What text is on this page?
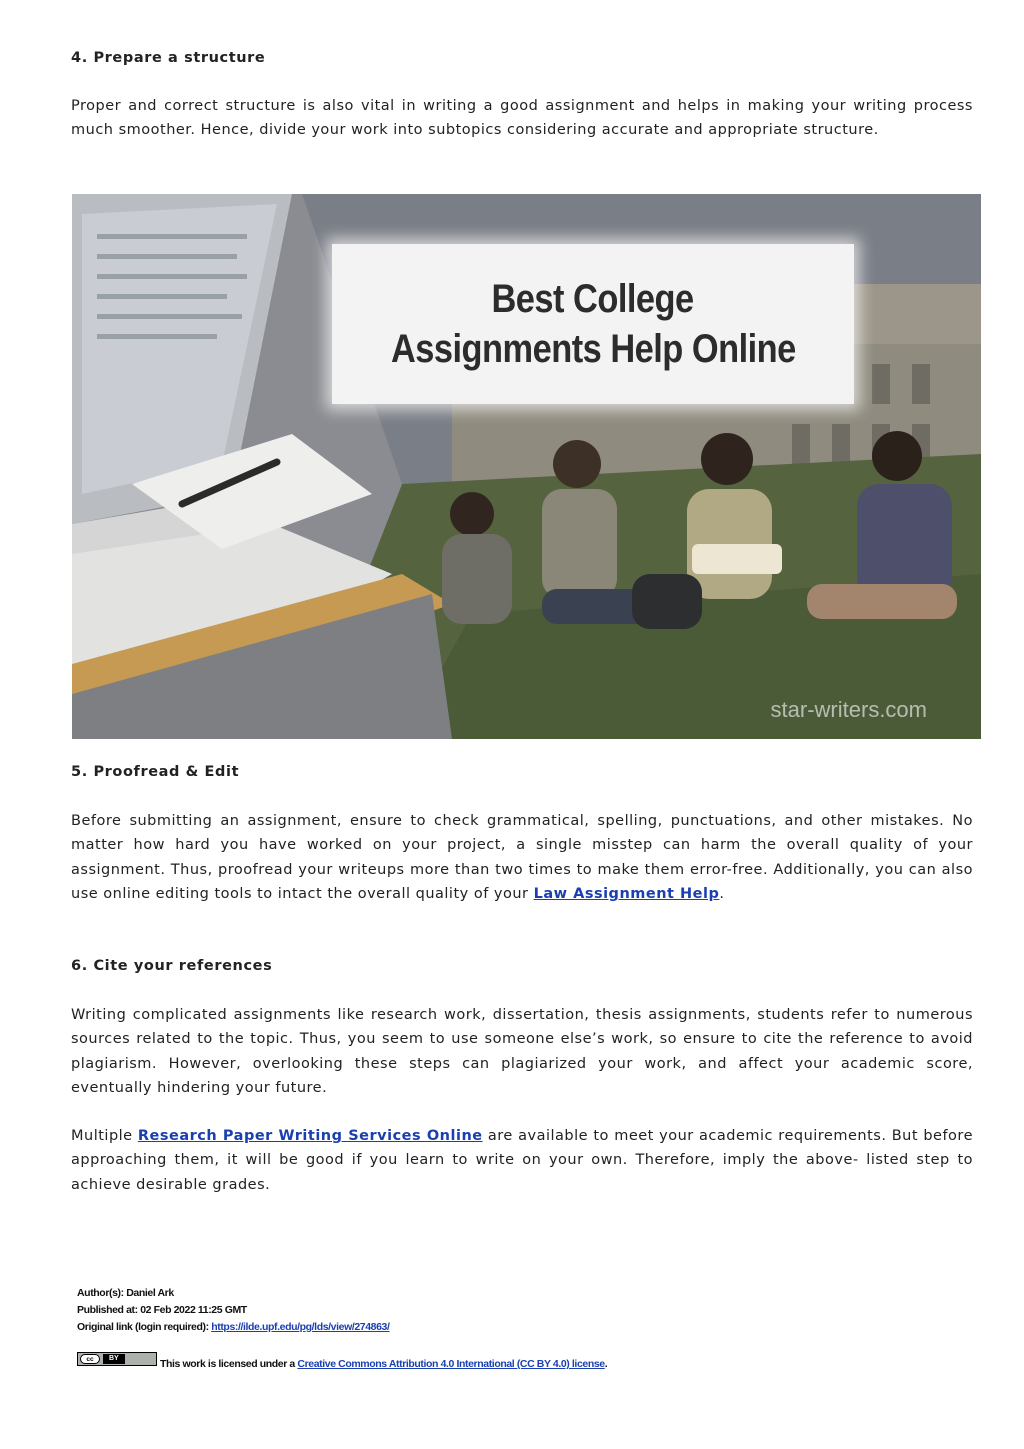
4. Prepare a structure

Proper and correct structure is also vital in writing a good assignment and helps in making your writing process much smoother. Hence, divide your work into subtopics considering accurate and appropriate structure.

Best College
Assignments Help Online
star-writers.com
5. Proofread & Edit

Before submitting an assignment, ensure to check grammatical, spelling, punctuations, and other mistakes. No matter how hard you have worked on your project, a single misstep can harm the overall quality of your assignment. Thus, proofread your writeups more than two times to make them error-free. Additionally, you can also use online editing tools to intact the overall quality of your Law Assignment Help.

6. Cite your references

Writing complicated assignments like research work, dissertation, thesis assignments, students refer to numerous sources related to the topic. Thus, you seem to use someone else’s work, so ensure to cite the reference to avoid plagiarism. However, overlooking these steps can plagiarized your work, and affect your academic score, eventually hindering your future.

Multiple Research Paper Writing Services Online are available to meet your academic requirements. But before approaching them, it will be good if you learn to write on your own. Therefore, imply the above- listed step to achieve desirable grades.

Author(s): Daniel Ark
Published at: 02 Feb 2022 11:25 GMT
Original link (login required): https://ilde.upf.edu/pg/lds/view/274863/
cc	BY	This work is licensed under a Creative Commons Attribution 4.0 International (CC BY 4.0) license.
